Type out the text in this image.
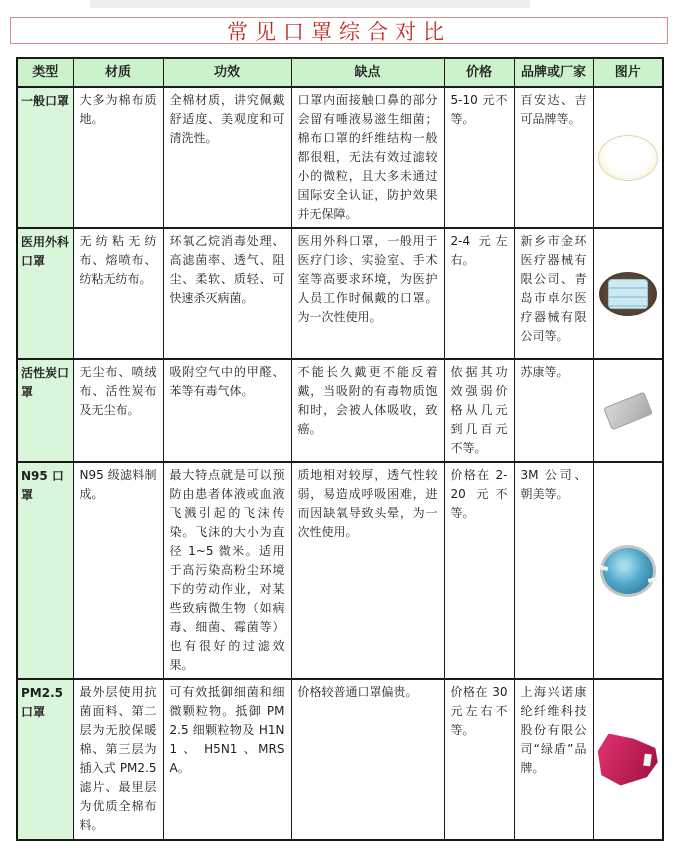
常见口罩综合对比
类型	材质	功效	缺点	价格	品牌或厂家	图片
一般口罩	大多为棉布质地。	全棉材质，讲究佩戴舒适度、美观度和可清洗性。	口罩内面接触口鼻的部分会留有唾液易滋生细菌；棉布口罩的纤维结构一般都很粗，无法有效过滤较小的微粒，且大多未通过国际安全认证，防护效果并无保障。	5-10 元不等。	百安达、吉可品牌等。	

医用外科口罩	无纺粘无纺布、熔喷布、纺粘无纺布。	环氧乙烷消毒处理、高滤菌率、透气、阻尘、柔软、质轻、可快速杀灭病菌。	医用外科口罩，一般用于医疗门诊、实验室、手术室等高要求环境，为医护人员工作时佩戴的口罩。为一次性使用。	2-4 元左右。	新乡市金环医疗器械有限公司、青岛市卓尔医疗器械有限公司等。	

活性炭口罩	无尘布、喷绒布、活性炭布及无尘布。	吸附空气中的甲醛、苯等有毒气体。	不能长久戴更不能反着戴，当吸附的有毒物质饱和时，会被人体吸收，致癌。	依据其功效强弱价格从几元到几百元不等。	苏康等。	

N95 口罩	N95 级滤料制成。	最大特点就是可以预防由患者体液或血液飞溅引起的飞沫传染。飞沫的大小为直径 1~5 微米。适用于高污染高粉尘环境下的劳动作业，对某些致病微生物（如病毒、细菌、霉菌等）也有很好的过滤效果。	质地相对较厚，透气性较弱，易造成呼吸困难，进而因缺氧导致头晕，为一次性使用。	价格在 2-20 元不等。	3M 公司、朝美等。	

PM2.5口罩	最外层使用抗菌面料、第二层为无胶保暖棉、第三层为插入式 PM2.5 滤片、最里层为优质全棉布料。	可有效抵御细菌和细微颗粒物。抵御 PM2.5 细颗粒物及 H1N1 、 H5N1 、MRSA。	价格较普通口罩偏贵。	价格在 30 元左右不等。	上海兴诺康纶纤维科技股份有限公司“绿盾”品牌。	
